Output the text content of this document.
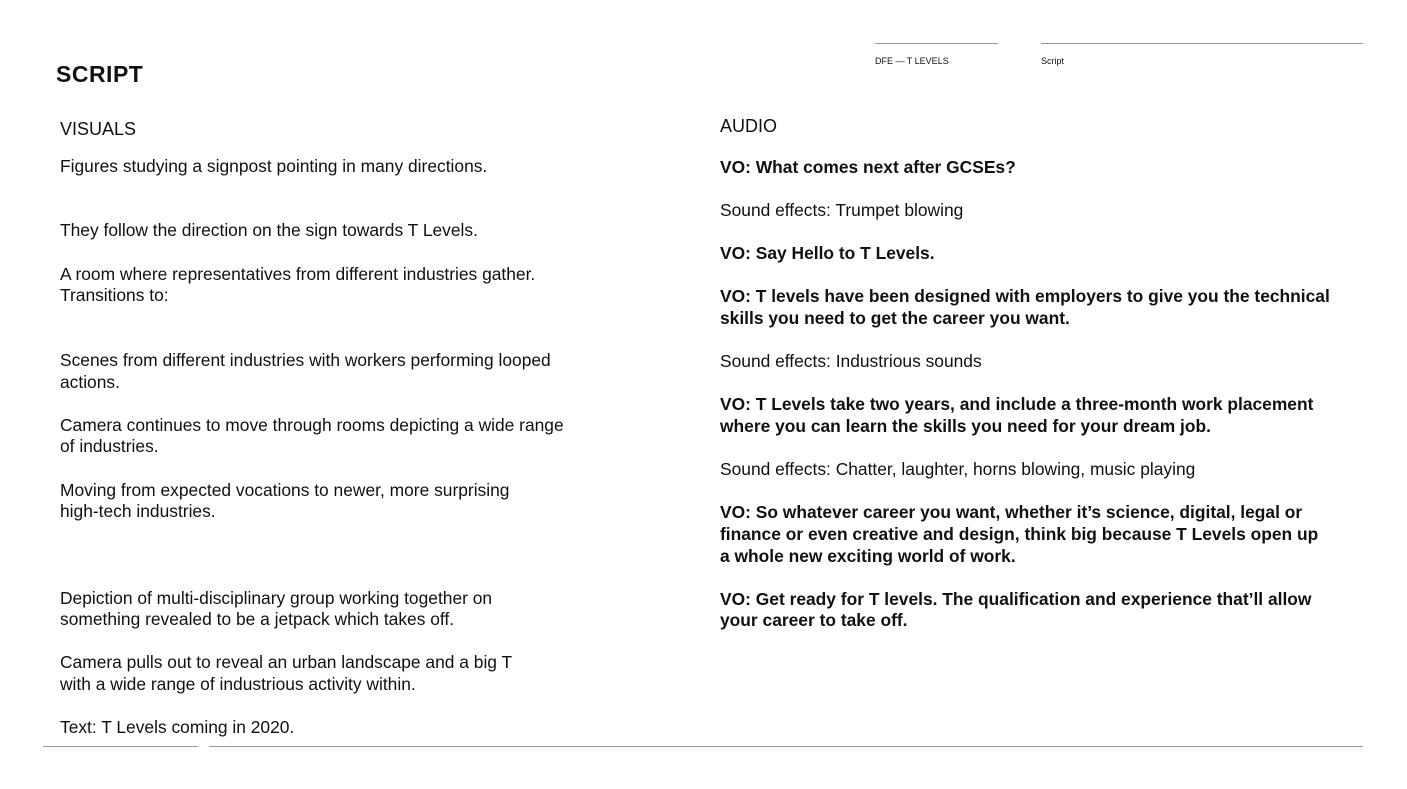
SCRIPT	DFE — T LEVELS	Script
VISUALS
Figures studying a signpost pointing in many directions.
They follow the direction on the sign towards T Levels.
A room where representatives from different industries gather.
Transitions to:
Scenes from different industries with workers performing looped
actions.
Camera continues to move through rooms depicting a wide range
of industries.
Moving from expected vocations to newer, more surprising
high-tech industries.
Depiction of multi-disciplinary group working together on
something revealed to be a jetpack which takes off.
Camera pulls out to reveal an urban landscape and a big T
with a wide range of industrious activity within.
Text: T Levels coming in 2020.
AUDIO
VO: What comes next after GCSEs?
Sound effects: Trumpet blowing
VO: Say Hello to T Levels.
VO: T levels have been designed with employers to give you the technical
skills you need to get the career you want.
Sound effects: Industrious sounds
VO: T Levels take two years, and include a three-month work placement
where you can learn the skills you need for your dream job.
Sound effects: Chatter, laughter, horns blowing, music playing
VO: So whatever career you want, whether it’s science, digital, legal or
finance or even creative and design, think big because T Levels open up
a whole new exciting world of work.
VO: Get ready for T levels. The qualification and experience that’ll allow
your career to take off.
